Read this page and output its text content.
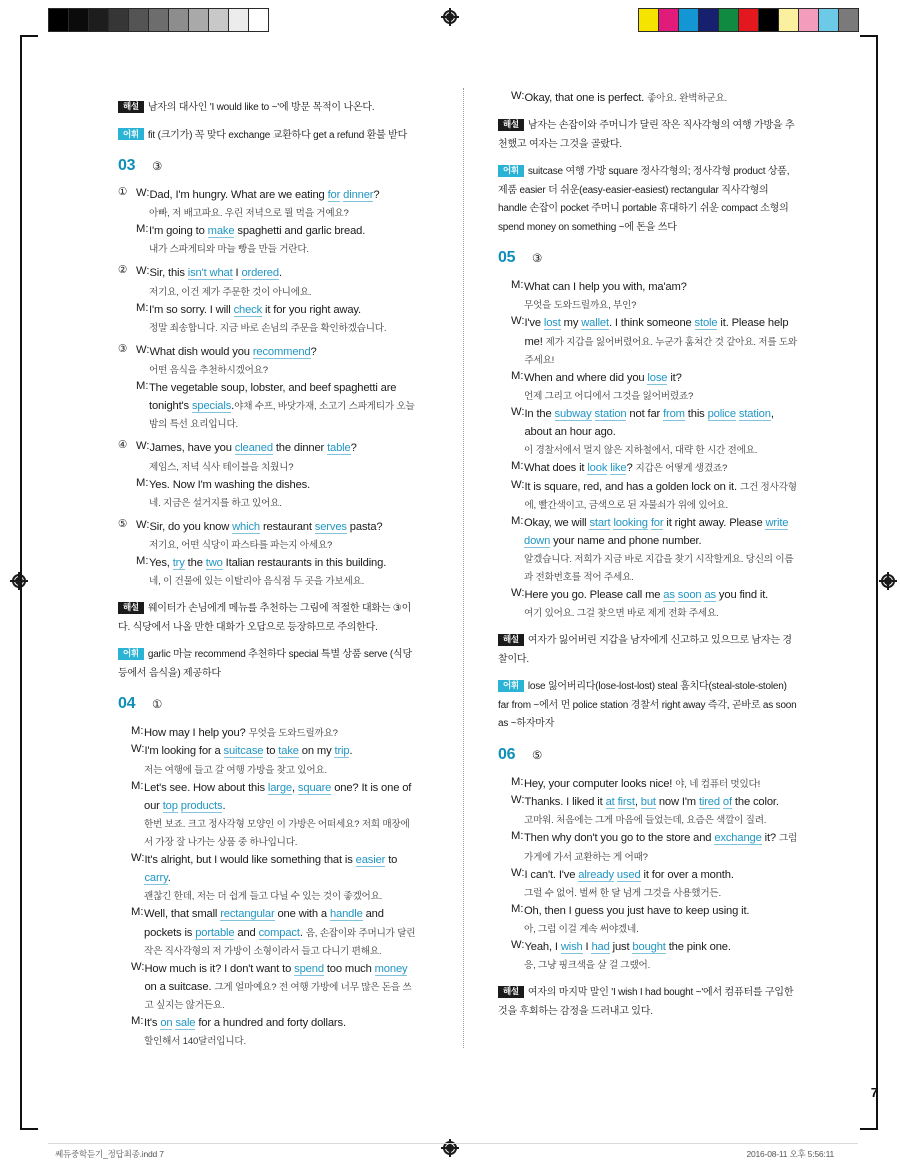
해설 남자의 대사인 'I would like to ~'에 방문 목적이 나온다.
어휘 fit (크기가) 꼭 맞다 exchange 교환하다 get a refund 환불 받다
03	③
① W: Dad, I'm hungry. What are we eating for dinner?
아빠, 저 배고파요. 우린 저녁으로 뭘 먹을 거예요?
M: I'm going to make spaghetti and garlic bread.
내가 스파게티와 마늘 빵을 만들 거란다.
② W: Sir, this isn't what I ordered.
저기요, 이건 제가 주문한 것이 아니에요.
M: I'm so sorry. I will check it for you right away.
정말 죄송합니다. 지금 바로 손님의 주문을 확인하겠습니다.
③ W: What dish would you recommend?
어떤 음식을 추천하시겠어요?
M: The vegetable soup, lobster, and beef spaghetti are tonight's specials.야채 수프, 바닷가재, 소고기 스파게티가 오늘 밤의 특선 요리입니다.
④ W: James, have you cleaned the dinner table?
제임스, 저녁 식사 테이블을 치웠니?
M: Yes. Now I'm washing the dishes.
네. 지금은 설거지를 하고 있어요.
⑤ W: Sir, do you know which restaurant serves pasta?
저기요, 어떤 식당이 파스타를 파는지 아세요?
M: Yes, try the two Italian restaurants in this building.
네, 이 건물에 있는 이탈리아 음식점 두 곳을 가보세요.
해설 웨이터가 손님에게 메뉴를 추천하는 그림에 적절한 대화는 ③이다. 식당에서 나올 만한 대화가 오답으로 등장하므로 주의한다.
어휘 garlic 마늘 recommend 추천하다 special 특별 상품 serve (식당 등에서 음식을) 제공하다
04	①
M: How may I help you? 무엇을 도와드릴까요?
W: I'm looking for a suitcase to take on my trip.
저는 여행에 들고 갈 여행 가방을 찾고 있어요.
M: Let's see. How about this large, square one? It is one of our top products.
한번 보죠. 크고 정사각형 모양인 이 가방은 어떠세요? 저희 매장에서 가장 잘 나가는 상품 중 하나입니다.
W: It's alright, but I would like something that is easier to carry.
괜찮긴 한데, 저는 더 쉽게 들고 다닐 수 있는 것이 좋겠어요.
M: Well, that small rectangular one with a handle and pockets is portable and compact. 음, 손잡이와 주머니가 달린 작은 직사각형의 저 가방이 소형이라서 들고 다니기 편해요.
W: How much is it? I don't want to spend too much money on a suitcase. 그게 얼마예요? 전 여행 가방에 너무 많은 돈을 쓰고 싶지는 않거든요.
M: It's on sale for a hundred and forty dollars.
할인해서 140달러입니다.
W: Okay, that one is perfect. 좋아요. 완벽하군요.
해설 남자는 손잡이와 주머니가 달린 작은 직사각형의 여행 가방을 추천했고 여자는 그것을 골랐다.
어휘 suitcase 여행 가방 square 정사각형의; 정사각형 product 상품, 제품 easier 더 쉬운(easy-easier-easiest) rectangular 직사각형의 handle 손잡이 pocket 주머니 portable 휴대하기 쉬운 compact 소형의 spend money on something ~에 돈을 쓰다
05	③
M: What can I help you with, ma'am?
무엇을 도와드릴까요, 부인?
W: I've lost my wallet. I think someone stole it. Please help me! 제가 지갑을 잃어버렸어요. 누군가 훔쳐간 것 같아요. 저를 도와주세요!
M: When and where did you lose it?
언제 그리고 어디에서 그것을 잃어버렸죠?
W: In the subway station not far from this police station, about an hour ago.
이 경찰서에서 멀지 않은 지하철에서, 대략 한 시간 전에요.
M: What does it look like? 지갑은 어떻게 생겼죠?
W: It is square, red, and has a golden lock on it. 그건 정사각형에, 빨간색이고, 금색으로 된 자물쇠가 위에 있어요.
M: Okay, we will start looking for it right away. Please write down your name and phone number.
알겠습니다. 저희가 지금 바로 지갑을 찾기 시작할게요. 당신의 이름과 전화번호를 적어 주세요.
W: Here you go. Please call me as soon as you find it.
여기 있어요. 그걸 찾으면 바로 제게 전화 주세요.
해설 여자가 잃어버린 지갑을 남자에게 신고하고 있으므로 남자는 경찰이다.
어휘 lose 잃어버리다(lose-lost-lost) steal 훔치다(steal-stole-stolen) far from ~에서 먼 police station 경찰서 right away 즉각, 곧바로 as soon as ~하자마자
06	⑤
M: Hey, your computer looks nice! 야, 네 컴퓨터 멋있다!
W: Thanks. I liked it at first, but now I'm tired of the color.
고마워. 처음에는 그게 마음에 들었는데, 요즘은 색깔이 질려.
M: Then why don't you go to the store and exchange it? 그럼 가게에 가서 교환하는 게 어때?
W: I can't. I've already used it for over a month.
그럴 수 없어. 벌써 한 달 넘게 그것을 사용했거든.
M: Oh, then I guess you just have to keep using it.
아, 그럼 이걸 계속 써야겠네.
W: Yeah, I wish I had just bought the pink one.
응, 그냥 핑크색을 살 걸 그랬어.
해설 여자의 마지막 말인 'I wish I had bought ~'에서 컴퓨터를 구입한 것을 후회하는 감정을 드러내고 있다.
7
쎄듀중학듣기_정답최종.indd 7	2016-08-11 오후 5:56:11
